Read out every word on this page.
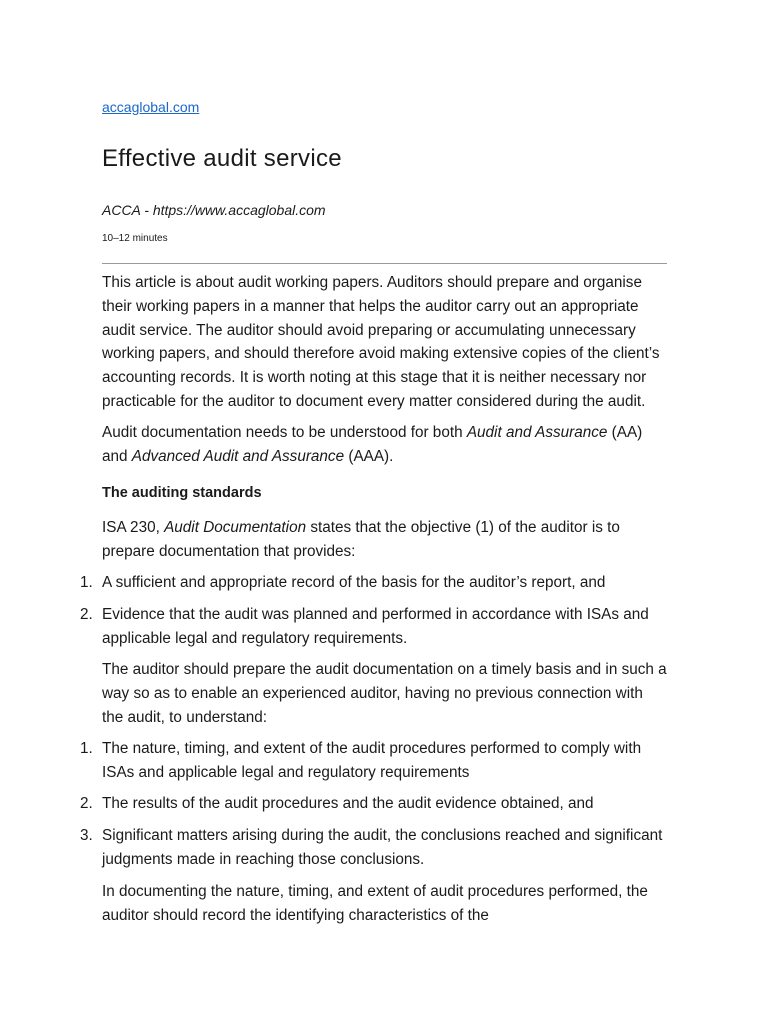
accaglobal.com
Effective audit service
ACCA - https://www.accaglobal.com
10–12 minutes

This article is about audit working papers. Auditors should prepare and organise their working papers in a manner that helps the auditor carry out an appropriate audit service. The auditor should avoid preparing or accumulating unnecessary working papers, and should therefore avoid making extensive copies of the client’s accounting records. It is worth noting at this stage that it is neither necessary nor practicable for the auditor to document every matter considered during the audit.

Audit documentation needs to be understood for both Audit and Assurance (AA) and Advanced Audit and Assurance (AAA).

The auditing standards

ISA 230, Audit Documentation states that the objective (1) of the auditor is to prepare documentation that provides:

1. A sufficient and appropriate record of the basis for the auditor’s report, and
2. Evidence that the audit was planned and performed in accordance with ISAs and applicable legal and regulatory requirements.

The auditor should prepare the audit documentation on a timely basis and in such a way so as to enable an experienced auditor, having no previous connection with the audit, to understand:

1. The nature, timing, and extent of the audit procedures performed to comply with ISAs and applicable legal and regulatory requirements
2. The results of the audit procedures and the audit evidence obtained, and
3. Significant matters arising during the audit, the conclusions reached and significant judgments made in reaching those conclusions.

In documenting the nature, timing, and extent of audit procedures performed, the auditor should record the identifying characteristics of the
